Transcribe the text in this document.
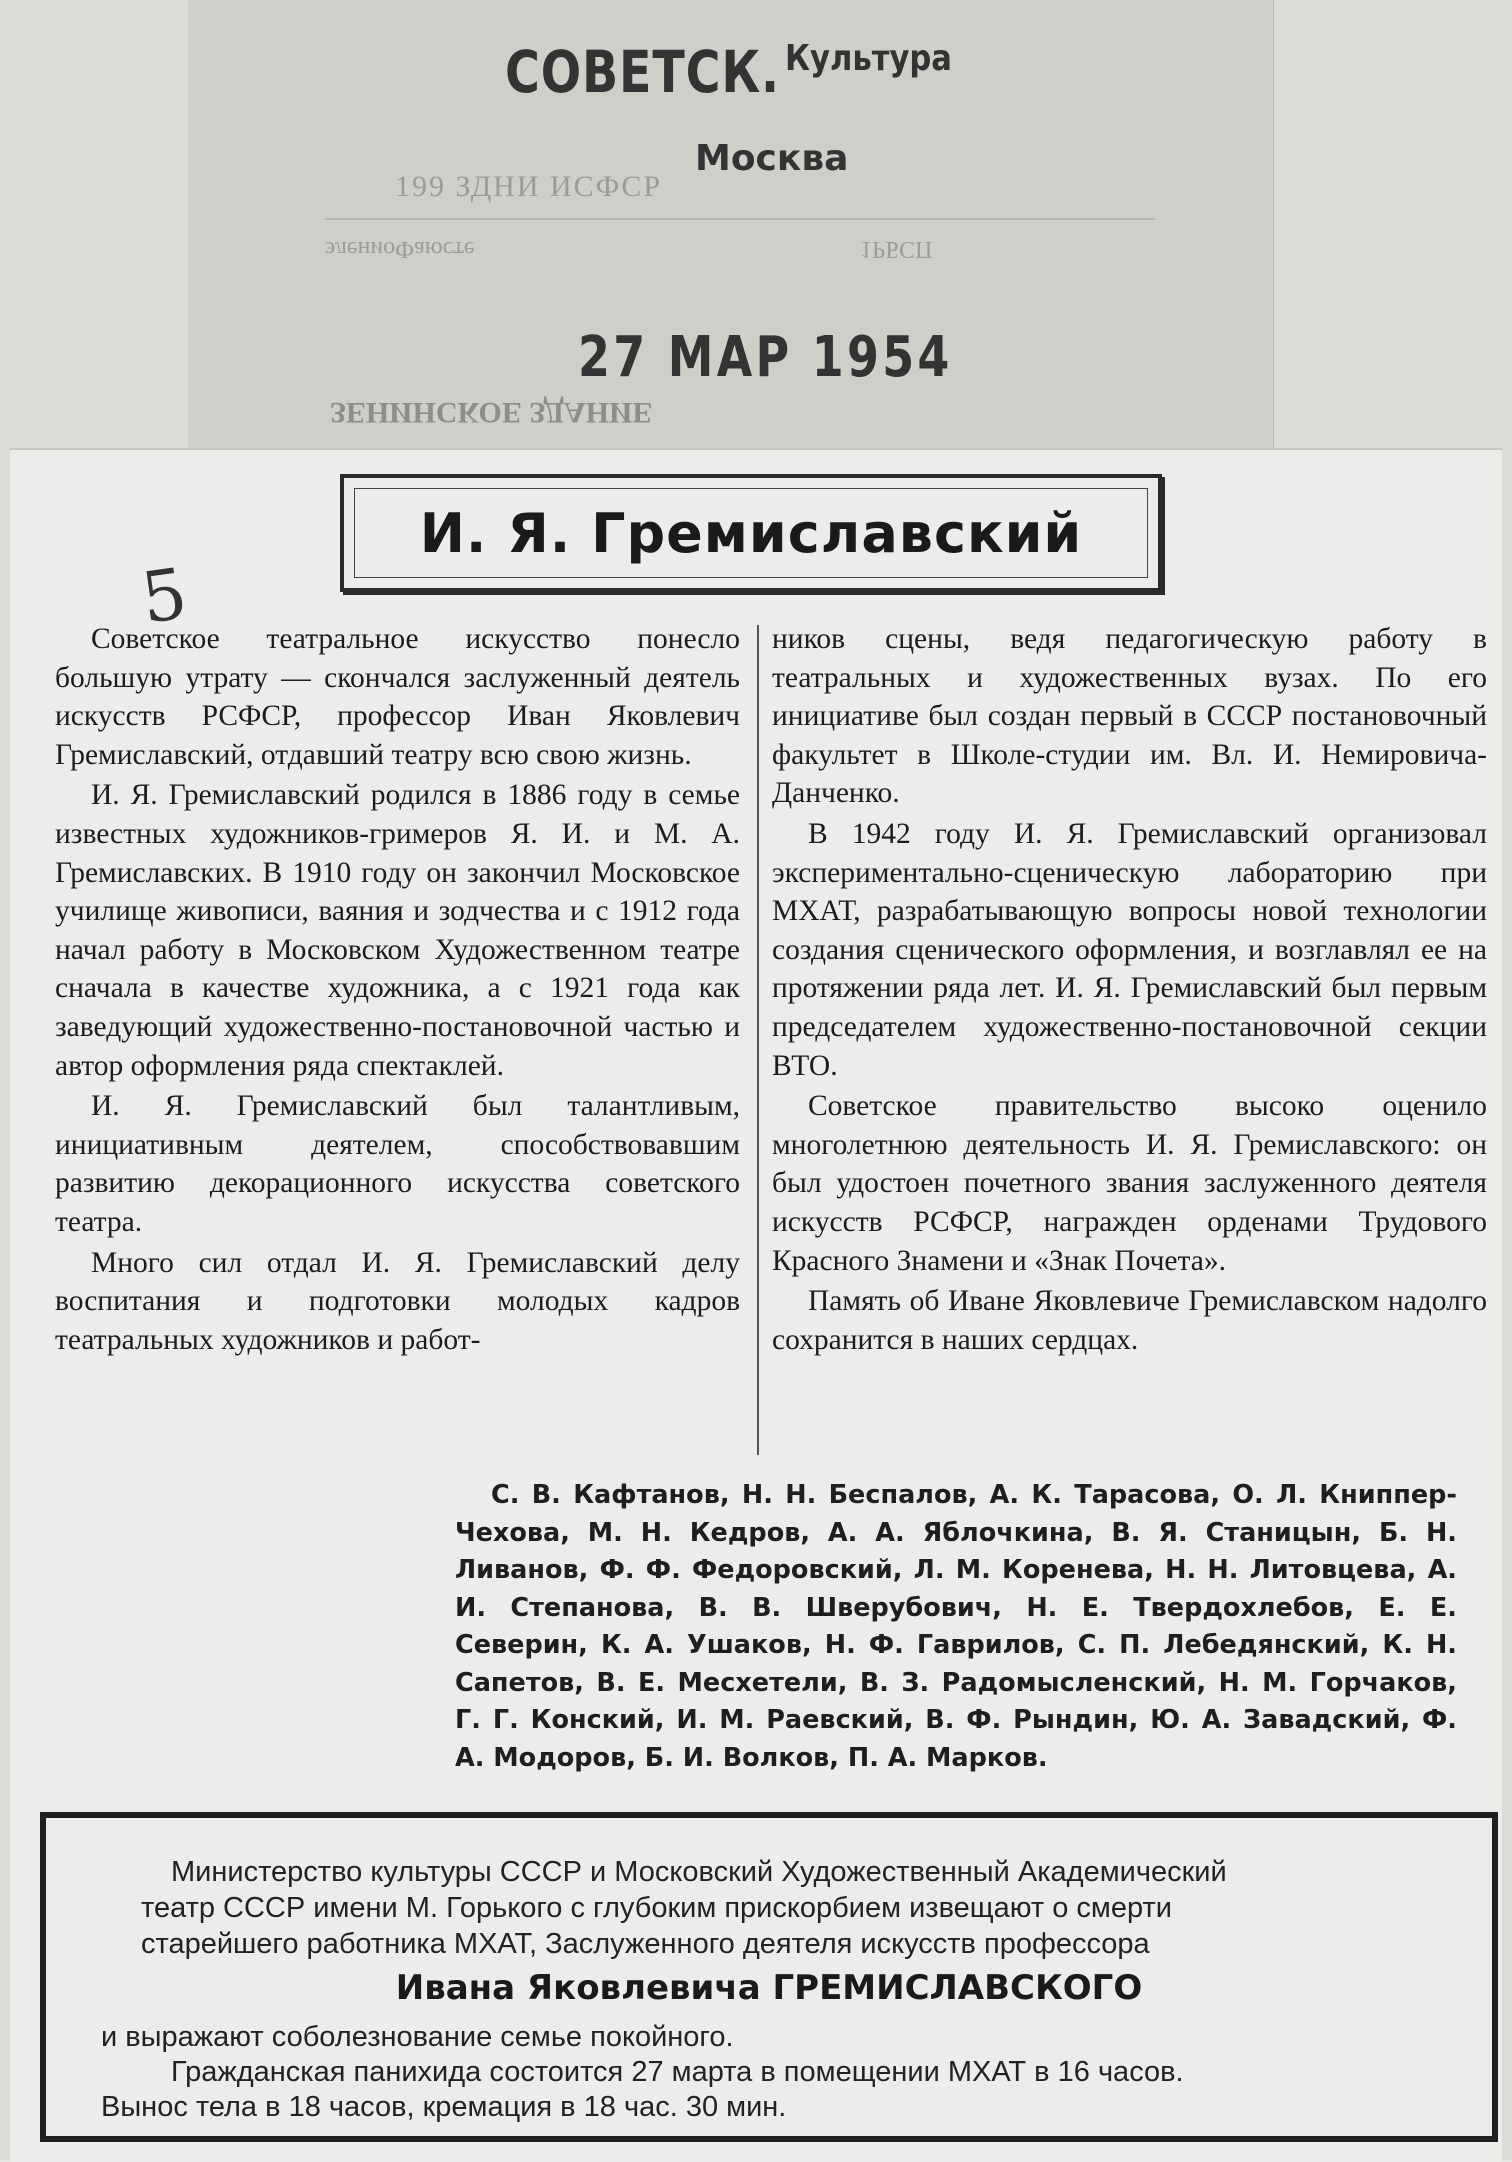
199 ЗДНИ ИСФСР
элениоФаюсте	1РБСП
ЗЕНИНСКОЕ ЗДАНИЕ
СОВЕТСК. Культура
Москва
27 МАР 1954
5
И. Я. Гремиславский

Советское театральное искусство понесло большую утрату — скончался заслуженный деятель искусств РСФСР, профессор Иван Яковлевич Гремиславский, отдавший театру всю свою жизнь.

И. Я. Гремиславский родился в 1886 году в семье известных художников-гримеров Я. И. и М. А. Гремиславских. В 1910 году он закончил Московское училище живописи, ваяния и зодчества и с 1912 года начал работу в Московском Художественном театре сначала в качестве художника, а с 1921 года как заведующий художественно-постановочной частью и автор оформления ряда спектаклей.

И. Я. Гремиславский был талантливым, инициативным деятелем, способствовавшим развитию декорационного искусства советского театра.

Много сил отдал И. Я. Гремиславский делу воспитания и подготовки молодых кадров театральных художников и работ-

ников сцены, ведя педагогическую работу в театральных и художественных вузах. По его инициативе был создан первый в СССР постановочный факультет в Школе-студии им. Вл. И. Немировича-Данченко.

В 1942 году И. Я. Гремиславский организовал экспериментально-сценическую лабораторию при МХАТ, разрабатывающую вопросы новой технологии создания сценического оформления, и возглавлял ее на протяжении ряда лет. И. Я. Гремиславский был первым председателем художественно-постановочной секции ВТО.

Советское правительство высоко оценило многолетнюю деятельность И. Я. Гремиславского: он был удостоен почетного звания заслуженного деятеля искусств РСФСР, награжден орденами Трудового Красного Знамени и «Знак Почета».

Память об Иване Яковлевиче Гремиславском надолго сохранится в наших сердцах.

С. В. Кафтанов, Н. Н. Беспалов, А. К. Тарасова, О. Л. Книппер-Чехова, М. Н. Кедров, А. А. Яблочкина, В. Я. Станицын, Б. Н. Ливанов, Ф. Ф. Федоровский, Л. М. Коренева, Н. Н. Литовцева, А. И. Степанова, В. В. Шверубович, Н. Е. Твердохлебов, Е. Е. Северин, К. А. Ушаков, Н. Ф. Гаврилов, С. П. Лебедянский, К. Н. Сапетов, В. Е. Месхетели, В. З. Радомысленский, Н. М. Горчаков, Г. Г. Конский, И. М. Раевский, В. Ф. Рындин, Ю. А. Завадский, Ф. А. Модоров, Б. И. Волков, П. А. Марков.
Министерство культуры СССР и Московский Художественный Академический
театр СССР имени М. Горького с глубоким прискорбием извещают о смерти
старейшего работника МХАТ, Заслуженного деятеля искусств профессора
Ивана Яковлевича ГРЕМИСЛАВСКОГО
и выражают соболезнование семье покойного.
Гражданская панихида состоится 27 марта в помещении МХАТ в 16 часов.
Вынос тела в 18 часов, кремация в 18 час. 30 мин.
